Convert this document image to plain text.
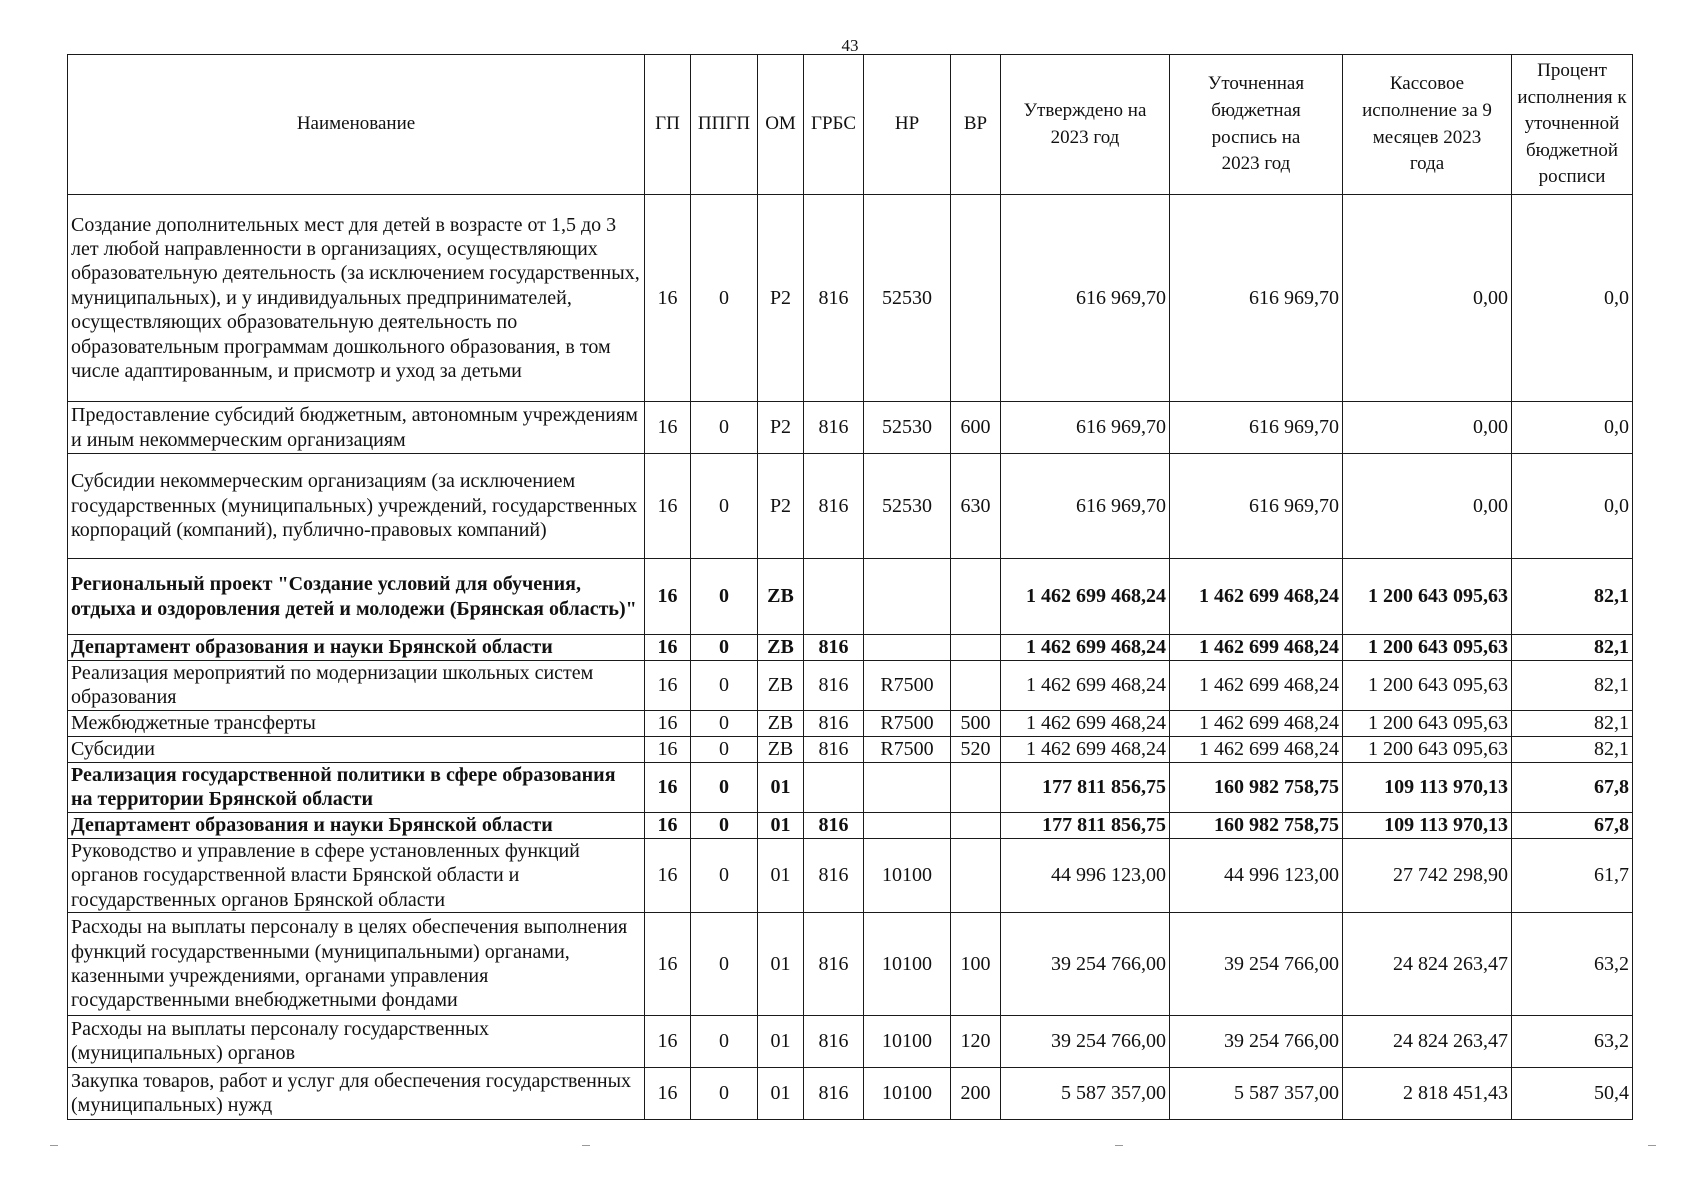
43
Наименование	ГП	ППГП	ОМ	ГРБС	НР	ВР	Утверждено на 2023 год	Уточненная бюджетная роспись на 2023 год	Кассовое исполнение за 9 месяцев 2023 года	Процент исполнения к уточненной бюджетной росписи
Создание дополнительных мест для детей в возрасте от 1,5 до 3 лет любой направленности в организациях, осуществляющих образовательную деятельность (за исключением государственных, муниципальных), и у индивидуальных предпринимателей, осуществляющих образовательную деятельность по образовательным программам дошкольного образования, в том числе адаптированным, и присмотр и уход за детьми	16	0	P2	816	52530		616 969,70	616 969,70	0,00	0,0
Предоставление субсидий бюджетным, автономным учреждениям и иным некоммерческим организациям	16	0	P2	816	52530	600	616 969,70	616 969,70	0,00	0,0
Субсидии некоммерческим организациям (за исключением государственных (муниципальных) учреждений, государственных корпораций (компаний), публично-правовых компаний)	16	0	P2	816	52530	630	616 969,70	616 969,70	0,00	0,0
Региональный проект "Создание условий для обучения, отдыха и оздоровления детей и молодежи (Брянская область)"	16	0	ZB				1 462 699 468,24	1 462 699 468,24	1 200 643 095,63	82,1
Департамент образования и науки Брянской области	16	0	ZB	816			1 462 699 468,24	1 462 699 468,24	1 200 643 095,63	82,1
Реализация мероприятий по модернизации школьных систем образования	16	0	ZB	816	R7500		1 462 699 468,24	1 462 699 468,24	1 200 643 095,63	82,1
Межбюджетные трансферты	16	0	ZB	816	R7500	500	1 462 699 468,24	1 462 699 468,24	1 200 643 095,63	82,1
Субсидии	16	0	ZB	816	R7500	520	1 462 699 468,24	1 462 699 468,24	1 200 643 095,63	82,1
Реализация государственной политики в сфере образования на территории Брянской области	16	0	01				177 811 856,75	160 982 758,75	109 113 970,13	67,8
Департамент образования и науки Брянской области	16	0	01	816			177 811 856,75	160 982 758,75	109 113 970,13	67,8
Руководство и управление в сфере установленных функций органов государственной власти Брянской области и государственных органов Брянской области	16	0	01	816	10100		44 996 123,00	44 996 123,00	27 742 298,90	61,7
Расходы на выплаты персоналу в целях обеспечения выполнения функций государственными (муниципальными) органами, казенными учреждениями, органами управления государственными внебюджетными фондами	16	0	01	816	10100	100	39 254 766,00	39 254 766,00	24 824 263,47	63,2
Расходы на выплаты персоналу государственных (муниципальных) органов	16	0	01	816	10100	120	39 254 766,00	39 254 766,00	24 824 263,47	63,2
Закупка товаров, работ и услуг для обеспечения государственных (муниципальных) нужд	16	0	01	816	10100	200	5 587 357,00	5 587 357,00	2 818 451,43	50,4
